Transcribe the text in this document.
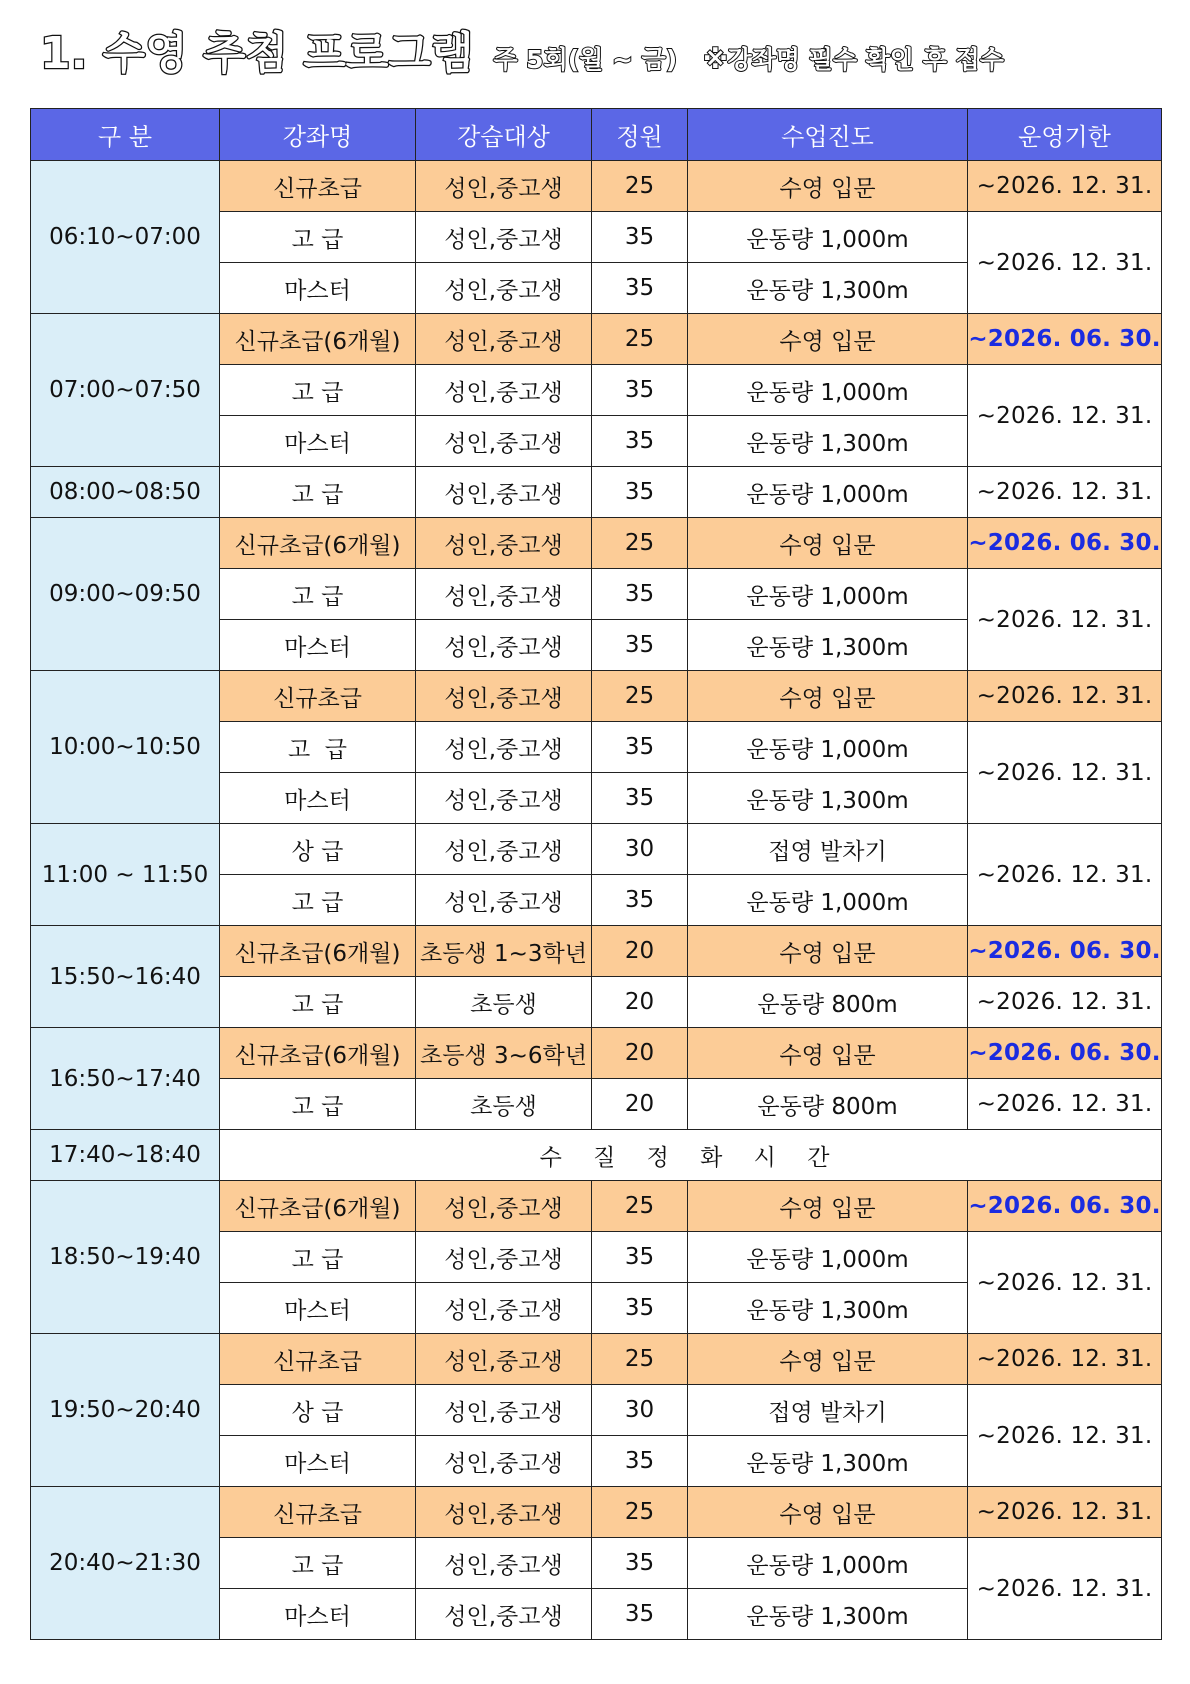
1. 수영 추첨 프로그램 주 5회(월 ~ 금) ※강좌명 필수 확인 후 접수
구 분	강좌명	강습대상	정원	수업진도	운영기한
06:10~07:00	신규초급	성인,중고생	25	수영 입문	~2026. 12. 31.
	고 급	성인,중고생	35	운동량 1,000m	~2026. 12. 31.
	마스터	성인,중고생	35	운동량 1,300m	
07:00~07:50	신규초급(6개월)	성인,중고생	25	수영 입문	~2026. 06. 30.
	고 급	성인,중고생	35	운동량 1,000m	~2026. 12. 31.
	마스터	성인,중고생	35	운동량 1,300m	
08:00~08:50	고 급	성인,중고생	35	운동량 1,000m	~2026. 12. 31.
09:00~09:50	신규초급(6개월)	성인,중고생	25	수영 입문	~2026. 06. 30.
	고 급	성인,중고생	35	운동량 1,000m	~2026. 12. 31.
	마스터	성인,중고생	35	운동량 1,300m	
10:00~10:50	신규초급	성인,중고생	25	수영 입문	~2026. 12. 31.
	고  급	성인,중고생	35	운동량 1,000m	~2026. 12. 31.
	마스터	성인,중고생	35	운동량 1,300m	
11:00 ~ 11:50	상 급	성인,중고생	30	접영 발차기	~2026. 12. 31.
	고 급	성인,중고생	35	운동량 1,000m	
15:50~16:40	신규초급(6개월)	초등생 1~3학년	20	수영 입문	~2026. 06. 30.
	고 급	초등생	20	운동량 800m	~2026. 12. 31.
16:50~17:40	신규초급(6개월)	초등생 3~6학년	20	수영 입문	~2026. 06. 30.
	고 급	초등생	20	운동량 800m	~2026. 12. 31.
17:40~18:40	수 질 정 화 시 간				
18:50~19:40	신규초급(6개월)	성인,중고생	25	수영 입문	~2026. 06. 30.
	고 급	성인,중고생	35	운동량 1,000m	~2026. 12. 31.
	마스터	성인,중고생	35	운동량 1,300m	
19:50~20:40	신규초급	성인,중고생	25	수영 입문	~2026. 12. 31.
	상 급	성인,중고생	30	접영 발차기	~2026. 12. 31.
	마스터	성인,중고생	35	운동량 1,300m	
20:40~21:30	신규초급	성인,중고생	25	수영 입문	~2026. 12. 31.
	고 급	성인,중고생	35	운동량 1,000m	~2026. 12. 31.
	마스터	성인,중고생	35	운동량 1,300m	
